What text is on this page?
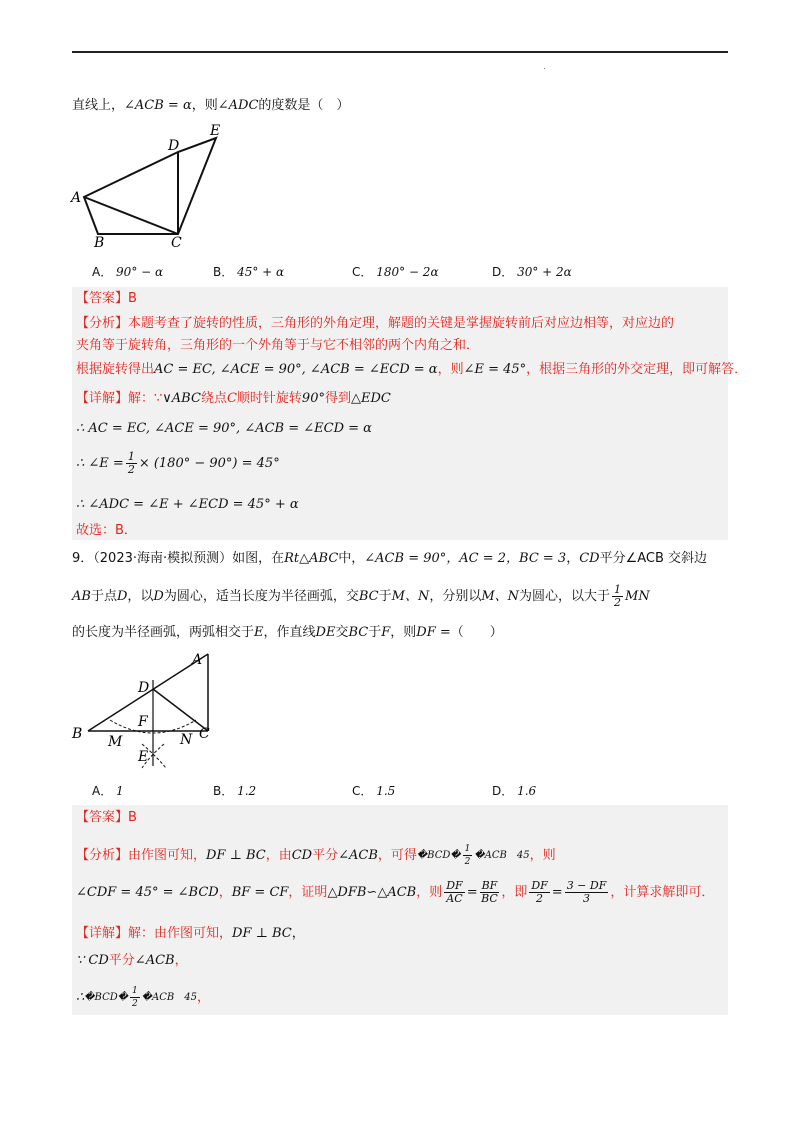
.
直线上，∠ACB = α，则∠ADC的度数是（　）
A
B	C
D
E
A． 90° − α	B． 45° + α	C． 180° − 2α	D． 30° + 2α
【答案】B
【分析】本题考查了旋转的性质，三角形的外角定理，解题的关键是掌握旋转前后对应边相等，对应边的
夹角等于旋转角，三角形的一个外角等于与它不相邻的两个内角之和．
根据旋转得出AC = EC, ∠ACE = 90°, ∠ACB = ∠ECD = α，则∠E = 45°，根据三角形的外交定理，即可解答．
【详解】解：∵∨ABC绕点C顺时针旋转90°得到△EDC
∴ AC = EC, ∠ACE = 90°, ∠ACB = ∠ECD = α
∴ ∠E = $\frac{1}{2} \times (180^\circ - 90^\circ) = 45^\circ$
∴ ∠ADC = ∠E + ∠ECD = 45° + α
故选：B．
9．（2023·海南·模拟预测）如图，在Rt△ABC中，∠ACB = 90°，AC = 2，BC = 3，CD平分∠ACB 交斜边
AB 于点 D ，以 D 为圆心，适当长度为半径画弧，交 BC 于 M、N ，分别以 M、N 为圆心，以大于 $\frac{1}{2}$ MN
的长度为半径画弧，两弧相交于E，作直线DE交BC于F，则DF =（　　）
A
B	C
D
F
M	N
E
A． 1	B． 1.2	C． 1.5	D． 1.6
【答案】B
【分析】由作图可知， DF ⊥ BC ，由 CD 平分 ∠ACB ，可得 �BCD� $\frac{1}{2}$ �ACB　45 ，则
∠CDF = 45° = ∠BCD ， BF = CF ，证明 △DFB∽△ACB ，则 $\frac{DF}{AC} = \frac{BF}{BC}$ ，即 $\frac{DF}{2} = \frac{3 - DF}{3}$ ，计算求解即可．
【详解】解：由作图可知，DF ⊥ BC，
∵ CD平分∠ACB，
∴ �BCD� $\frac{1}{2}$ �ACB　45 ，
